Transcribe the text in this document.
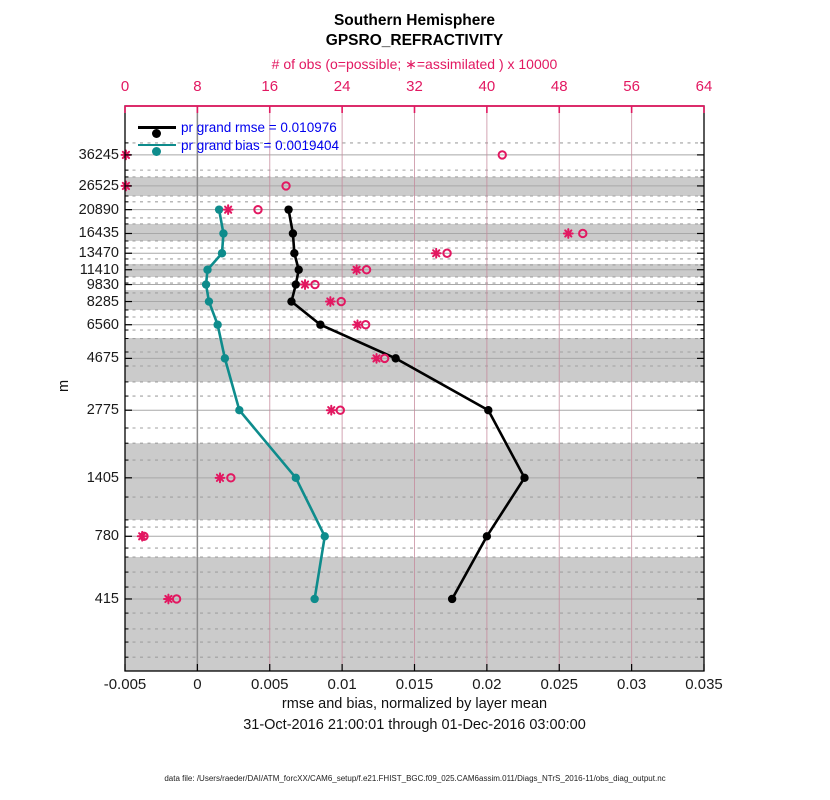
Southern Hemisphere
GPSRO_REFRACTIVITY
# of obs (o=possible; ∗=assimilated ) x 10000
0	8	16	24	32	40	48	56	64
-0.005	0	0.005	0.01	0.015	0.02	0.025	0.03	0.035
36245
26525
20890
16435
13470
11410
9830
8285
6560
4675
2775
1405
780
415
pr grand rmse = 0.010976
pr grand bias = 0.0019404
m
rmse and bias, normalized by layer mean
31-Oct-2016 21:00:01 through 01-Dec-2016 03:00:00
data file: /Users/raeder/DAI/ATM_forcXX/CAM6_setup/f.e21.FHIST_BGC.f09_025.CAM6assim.011/Diags_NTrS_2016-11/obs_diag_output.nc
